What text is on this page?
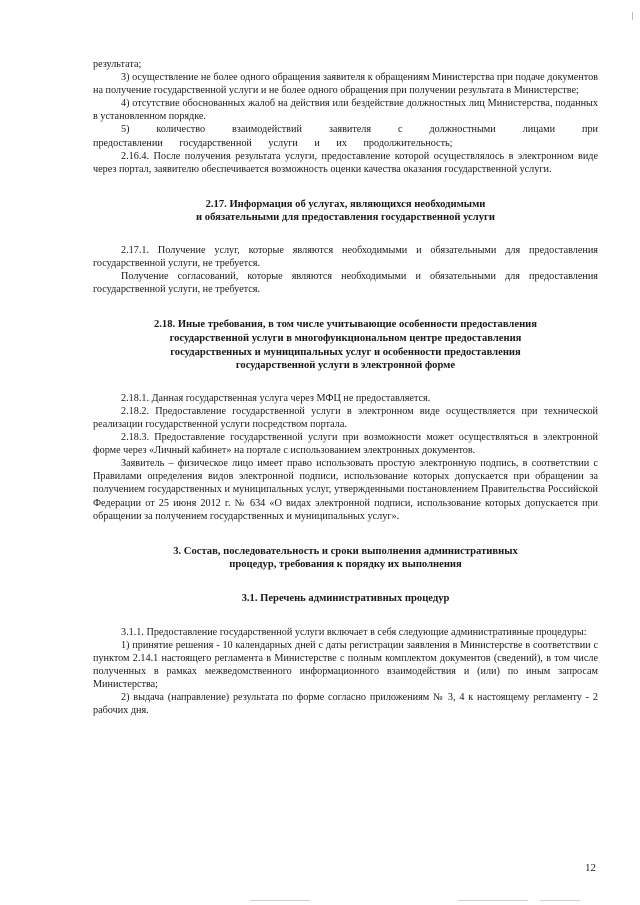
результата;

3) осуществление не более одного обращения заявителя к обращениям Министерства при подаче документов на получение государственной услуги и не более одного обращения при получении результата в Министерстве;

4) отсутствие обоснованных жалоб на действия или бездействие должностных лиц Министерства, поданных в установленном порядке.

5) количество взаимодействий заявителя с должностными лицами при предоставлении государственной услуги и их продолжительность;

2.16.4. После получения результата услуги, предоставление которой осуществлялось в электронном виде через портал, заявителю обеспечивается возможность оценки качества оказания государственной услуги.

2.17. Информация об услугах, являющихся необходимыми
и обязательными для предоставления государственной услуги

2.17.1. Получение услуг, которые являются необходимыми и обязательными для предоставления государственной услуги, не требуется.

Получение согласований, которые являются необходимыми и обязательными для предоставления государственной услуги, не требуется.

2.18. Иные требования, в том числе учитывающие особенности предоставления
государственной услуги в многофункциональном центре предоставления
государственных и муниципальных услуг и особенности предоставления
государственной услуги в электронной форме

2.18.1. Данная государственная услуга через МФЦ не предоставляется.

2.18.2. Предоставление государственной услуги в электронном виде осуществляется при технической реализации государственной услуги посредством портала.

2.18.3. Предоставление государственной услуги при возможности может осуществляться в электронной форме через «Личный кабинет» на портале с использованием электронных документов.

Заявитель – физическое лицо имеет право использовать простую электронную подпись, в соответствии с Правилами определения видов электронной подписи, использование которых допускается при обращении за получением государственных и муниципальных услуг, утвержденными постановлением Правительства Российской Федерации от 25 июня 2012 г. № 634 «О видах электронной подписи, использование которых допускается при обращении за получением государственных и муниципальных услуг».

3. Состав, последовательность и сроки выполнения административных
процедур, требования к порядку их выполнения

3.1. Перечень административных процедур

3.1.1. Предоставление государственной услуги включает в себя следующие административные процедуры:

1) принятие решения - 10 календарных дней с даты регистрации заявления в Министерстве в соответствии с пунктом 2.14.1 настоящего регламента в Министерстве с полным комплектом документов (сведений), в том числе полученных в рамках межведомственного информационного взаимодействия и (или) по иным запросам Министерства;

2) выдача (направление) результата по форме согласно приложениям № 3, 4 к настоящему регламенту - 2 рабочих дня.

12
